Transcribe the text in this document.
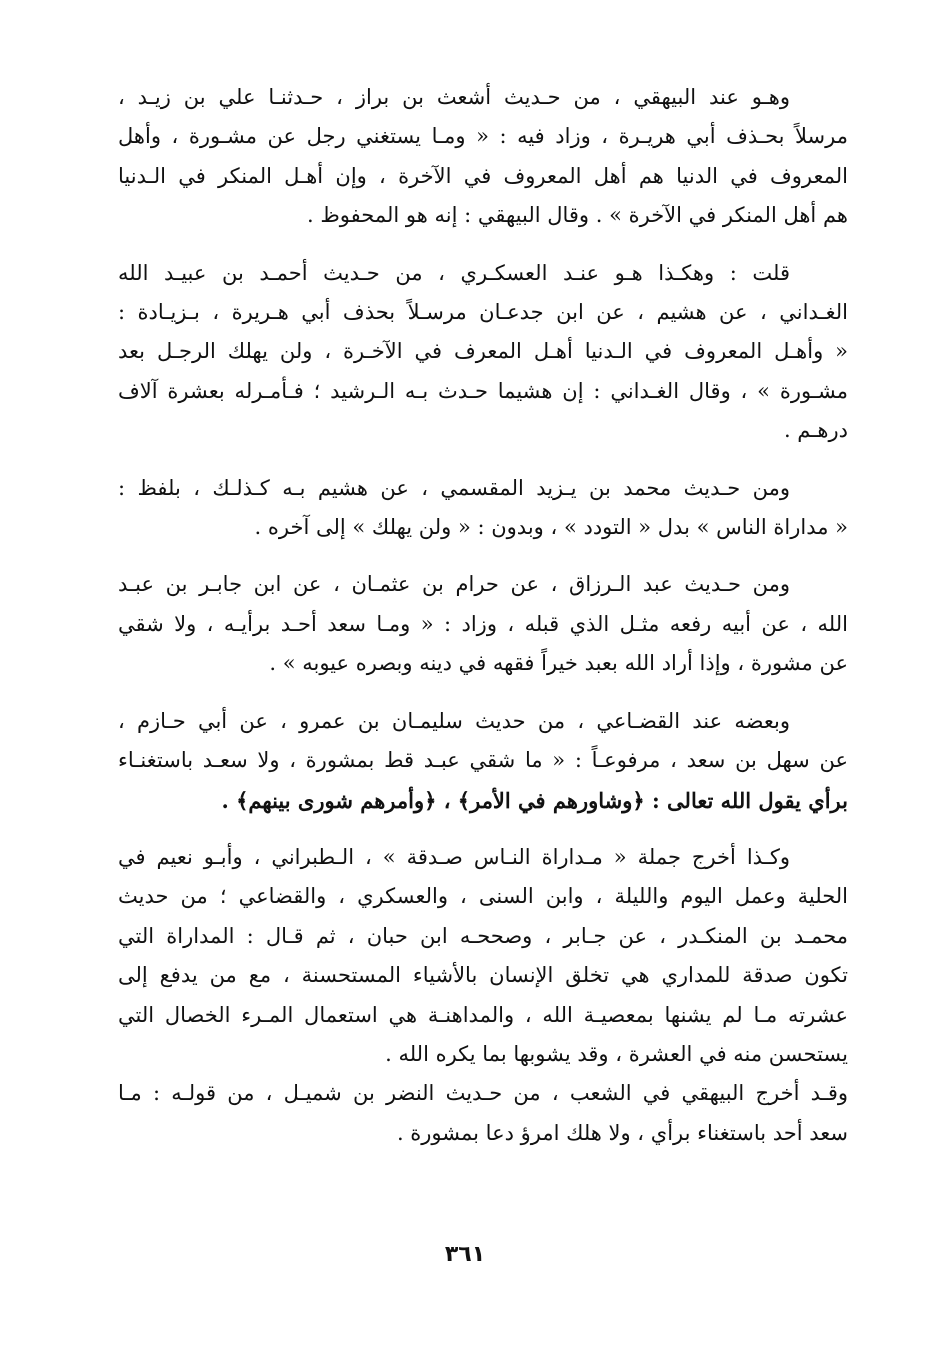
وهـو عند البيهقي ، من حـديث أشعث بن براز ، حـدثنـا علي بن زيـد ،
مرسلاً بحـذف أبي هريـرة ، وزاد فيه : « ومـا يستغني رجل عن مشـورة ، وأهل
المعروف في الدنيا هم أهل المعروف في الآخرة ، وإن أهـل المنكر في الـدنيا
هم أهل المنكر في الآخرة » . وقال البيهقي : إنه هو المحفوظ .
قلت : وهكـذا هـو عنـد العسكـري ، من حـديث أحمـد بن عبيـد الله
الغـداني ، عن هشيم ، عن ابن جدعـان مرسـلاً بحذف أبي هـريرة ، بـزيـادة :
« وأهـل المعروف في الـدنيا أهـل المعرف في الآخـرة ، ولن يهلك الرجـل بعد
مشـورة » ، وقال الغـداني : إن هشيما حـدث بـه الـرشيد ؛ فـأمـرله بعشرة آلاف
درهـم .
ومن حـديث محمد بن يـزيد المقسمي ، عن هشيم بـه كـذلـك ، بلفظ :
« مداراة الناس » بدل « التودد » ، وبدون : « ولن يهلك » إلى آخره .
ومن حـديث عبد الـرزاق ، عن حرام بن عثمـان ، عن ابن جابـر بن عبـد
الله ، عن أبيه رفعه مثـل الذي قبله ، وزاد : « ومـا سعد أحـد برأيـه ، ولا شقي
عن مشورة ، وإذا أراد الله بعبد خيراً فقهه في دينه وبصره عيوبه » .
وبعضه عند القضـاعي ، من حديث سليمـان بن عمرو ، عن أبي حـازم ،
عن سهل بن سعد ، مرفوعـاً : « ما شقي عبـد قط بمشورة ، ولا سعـد باستغنـاء
برأي يقول الله تعالى : ﴿وشاورهم في الأمر﴾ ، ﴿وأمرهم شورى بينهم﴾ .
وكـذا أخرج جملة « مـداراة النـاس صـدقة » ، الـطبراني ، وأبـو نعيم في
الحلية وعمل اليوم والليلة ، وابن السنى ، والعسكري ، والقضاعي ؛ من حديث
محمـد بن المنكـدر ، عن جـابر ، وصححـه ابن حبان ، ثم قـال : المداراة التي
تكون صدقة للمداري هي تخلق الإنسان بالأشياء المستحسنة ، مع من يدفع إلى
عشرته مـا لم يشنها بمعصيـة الله ، والمداهنـة هي استعمال المـرء الخصال التي
يستحسن منه في العشرة ، وقد يشوبها بما يكره الله .
وقـد أخرج البيهقي في الشعب ، من حـديث النضر بن شميـل ، من قولـه : مـا
سعد أحد باستغناء برأي ، ولا هلك امرؤ دعا بمشورة .
٣٦١
